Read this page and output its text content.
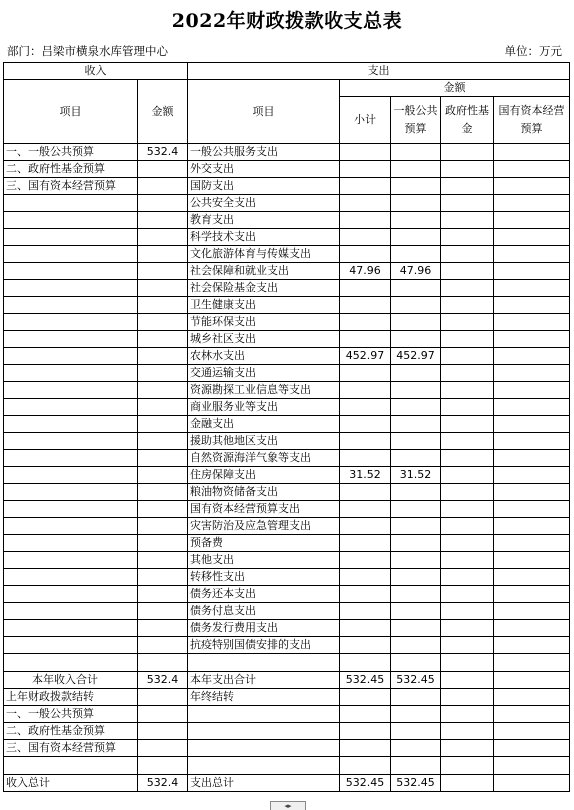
2022年财政拨款收支总表
部门：吕梁市横泉水库管理中心	单位：万元
收入		支出				
项目	金额	项目	金额			
			小计	一般公共预算	政府性基金	国有资本经营预算
一、一般公共预算	532.4	一般公共服务支出				
二、政府性基金预算		外交支出				
三、国有资本经营预算		国防支出				
		公共安全支出				
		教育支出				
		科学技术支出				
		文化旅游体育与传媒支出				
		社会保障和就业支出	47.96	47.96		
		社会保险基金支出				
		卫生健康支出				
		节能环保支出				
		城乡社区支出				
		农林水支出	452.97	452.97		
		交通运输支出				
		资源勘探工业信息等支出				
		商业服务业等支出				
		金融支出				
		援助其他地区支出				
		自然资源海洋气象等支出				
		住房保障支出	31.52	31.52		
		粮油物资储备支出				
		国有资本经营预算支出				
		灾害防治及应急管理支出				
		预备费				
		其他支出				
		转移性支出				
		债务还本支出				
		债务付息支出				
		债务发行费用支出				
		抗疫特别国债安排的支出				

本年收入合计	532.4	本年支出合计	532.45	532.45		
上年财政拨款结转		年终结转				
一、一般公共预算						
二、政府性基金预算						
三、国有资本经营预算						

收入总计	532.4	支出总计	532.45	532.45		
◂▸
